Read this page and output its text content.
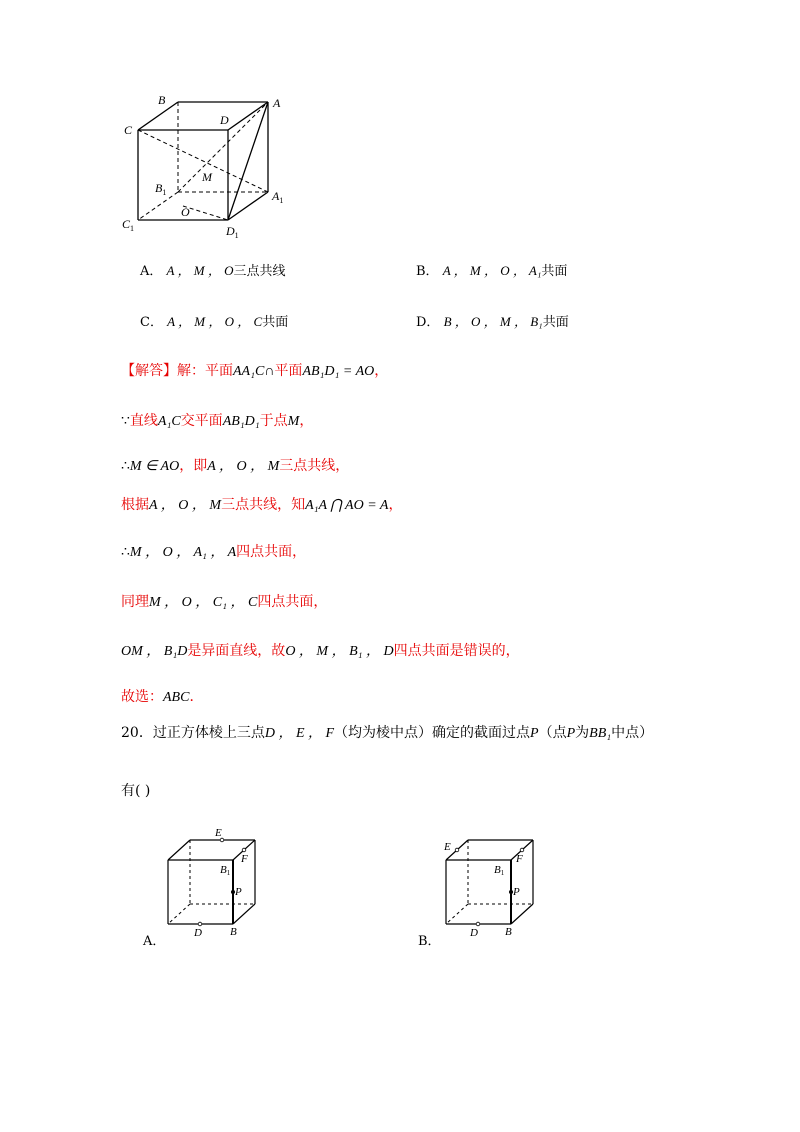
B	A
C
D
M
$B_1$	$A_1$
O
$C_1$	$D_1$
A． A ， M ， O三点共线	B． A ， M ， O ， A₁共面
C． A ， M ， O ， C共面	D． B ， O ， M ， B₁共面
【解答】解：平面AA₁C∩平面AB₁D₁ = AO，
∵直线A₁C交平面AB₁D₁于点M，
∴M ∈ AO，即A ， O ， M三点共线，
根据A ， O ， M三点共线，知A₁A ⋂ AO = A，
∴M ， O ， A₁ ， A四点共面，
同理M ， O ， C₁ ， C四点共面，
OM ， B₁D是异面直线，故O ， M ， B₁ ， D四点共面是错误的，
故选：ABC．
20．过正方体棱上三点D ， E ， F（均为棱中点）确定的截面过点P（点P为BB₁中点）
有( )
A．
E
F
B1
P
D	B
B．
E
F
B1
P
D B
